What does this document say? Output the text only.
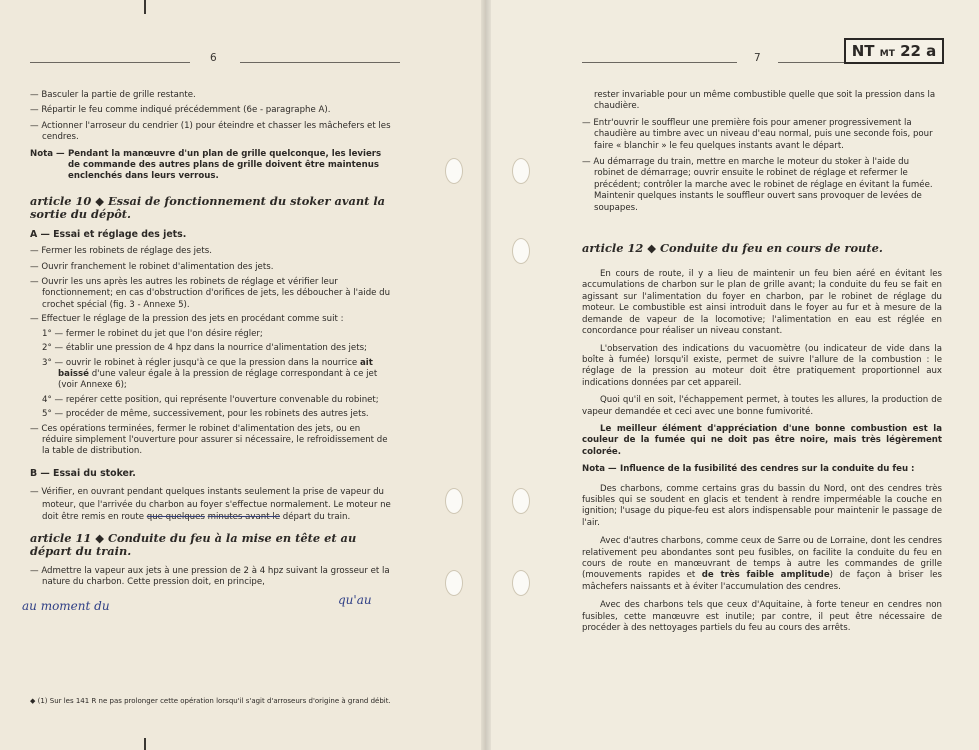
6

— Basculer la partie de grille restante.

— Répartir le feu comme indiqué précédemment (6e - paragraphe A).

— Actionner l'arroseur du cendrier (1) pour éteindre et chasser les mâchefers et les cendres.

Nota — Pendant la manœuvre d'un plan de grille quelconque, les leviers de commande des autres plans de grille doivent être maintenus enclenchés dans leurs verrous.

article 10 ◆ Essai de fonctionnement du stoker avant la sortie du dépôt.

A — Essai et réglage des jets.

— Fermer les robinets de réglage des jets.

— Ouvrir franchement le robinet d'alimentation des jets.

— Ouvrir les uns après les autres les robinets de réglage et vérifier leur fonctionnement; en cas d'obstruction d'orifices de jets, les déboucher à l'aide du crochet spécial (fig. 3 - Annexe 5).

— Effectuer le réglage de la pression des jets en procédant comme suit :

1° — fermer le robinet du jet que l'on désire régler;

2° — établir une pression de 4 hpz dans la nourrice d'alimentation des jets;

3° — ouvrir le robinet à régler jusqu'à ce que la pression dans la nourrice ait baissé d'une valeur égale à la pression de réglage correspondant à ce jet (voir Annexe 6);

4° — repérer cette position, qui représente l'ouverture convenable du robinet;

5° — procéder de même, successivement, pour les robinets des autres jets.

— Ces opérations terminées, fermer le robinet d'alimentation des jets, ou en réduire simplement l'ouverture pour assurer si nécessaire, le refroidissement de la table de distribution.

B — Essai du stoker.

— Vérifier, en ouvrant pendant quelques instants seulement la prise de vapeur du moteur, que l'arrivée du charbon au foyer s'effectue normalement. Le moteur ne doit être remis en route que quelques minutes avant le départ du train.

article 11 ◆ Conduite du feu à la mise en tête et au départ du train.

— Admettre la vapeur aux jets à une pression de 2 à 4 hpz suivant la grosseur et la nature du charbon. Cette pression doit, en principe,

au moment du	qu'au

◆ (1) Sur les 141 R ne pas prolonger cette opération lorsqu'il s'agit d'arroseurs d'origine à grand débit.

7

rester invariable pour un même combustible quelle que soit la pression dans la chaudière.

— Entr'ouvrir le souffleur une première fois pour amener progressivement la chaudière au timbre avec un niveau d'eau normal, puis une seconde fois, pour faire « blanchir » le feu quelques instants avant le départ.

— Au démarrage du train, mettre en marche le moteur du stoker à l'aide du robinet de démarrage; ouvrir ensuite le robinet de réglage et refermer le précédent; contrôler la marche avec le robinet de réglage en évitant la fumée. Maintenir quelques instants le souffleur ouvert sans provoquer de levées de soupapes.

article 12 ◆ Conduite du feu en cours de route.

En cours de route, il y a lieu de maintenir un feu bien aéré en évitant les accumulations de charbon sur le plan de grille avant; la conduite du feu se fait en agissant sur l'alimentation du foyer en charbon, par le robinet de réglage du moteur. Le combustible est ainsi introduit dans le foyer au fur et à mesure de la demande de vapeur de la locomotive; l'alimentation en eau est réglée en concordance pour réaliser un niveau constant.

L'observation des indications du vacuomètre (ou indicateur de vide dans la boîte à fumée) lorsqu'il existe, permet de suivre l'allure de la combustion : le réglage de la pression au moteur doit être pratiquement proportionnel aux indications données par cet appareil.

Quoi qu'il en soit, l'échappement permet, à toutes les allures, la production de vapeur demandée et ceci avec une bonne fumivorité.

Le meilleur élément d'appréciation d'une bonne combustion est la couleur de la fumée qui ne doit pas être noire, mais très légèrement colorée.

Nota — Influence de la fusibilité des cendres sur la conduite du feu :

Des charbons, comme certains gras du bassin du Nord, ont des cendres très fusibles qui se soudent en glacis et tendent à rendre imperméable la couche en ignition; l'usage du pique-feu est alors indispensable pour maintenir le passage de l'air.

Avec d'autres charbons, comme ceux de Sarre ou de Lorraine, dont les cendres relativement peu abondantes sont peu fusibles, on facilite la conduite du feu en cours de route en manœuvrant de temps à autre les commandes de grille (mouvements rapides et de très faible amplitude) de façon à briser les mâchefers naissants et à éviter l'accumulation des cendres.

Avec des charbons tels que ceux d'Aquitaine, à forte teneur en cendres non fusibles, cette manœuvre est inutile; par contre, il peut être nécessaire de procéder à des nettoyages partiels du feu au cours des arrêts.

NT MT 22 a
